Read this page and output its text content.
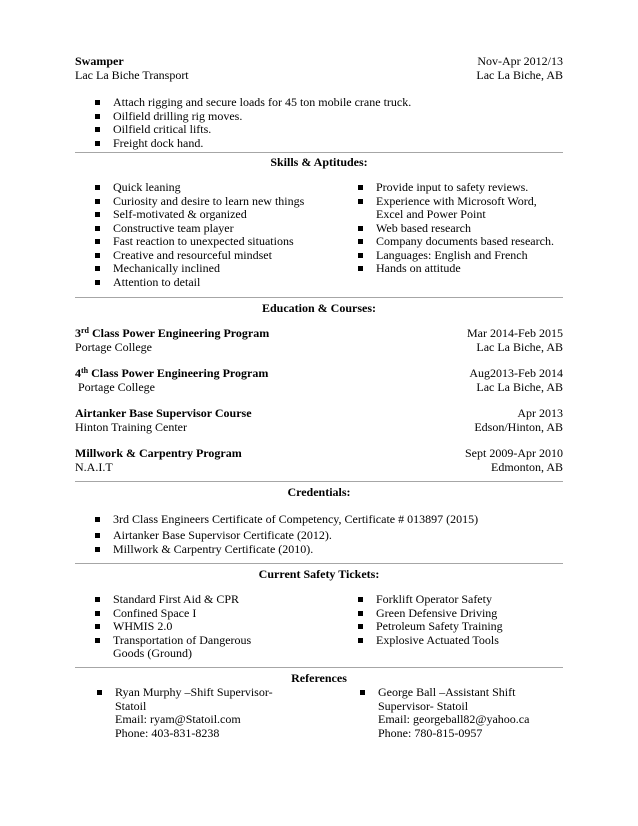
Swamper	Nov-Apr 2012/13
Lac La Biche Transport	Lac La Biche, AB
Attach rigging and secure loads for 45 ton mobile crane truck.
Oilfield drilling rig moves.
Oilfield critical lifts.
Freight dock hand.
Skills & Aptitudes:
Quick leaning
Curiosity and desire to learn new things
Self-motivated & organized
Constructive team player
Fast reaction to unexpected situations
Creative and resourceful mindset
Mechanically inclined
Attention to detail
Provide input to safety reviews.
Experience with Microsoft Word, Excel and Power Point
Web based research
Company documents based research.
Languages: English and French
Hands on attitude
Education & Courses:
3rd Class Power Engineering Program	Mar 2014-Feb 2015
Portage College	Lac La Biche, AB
4th Class Power Engineering Program	Aug2013-Feb 2014
Portage College	Lac La Biche, AB
Airtanker Base Supervisor Course	Apr 2013
Hinton Training Center	Edson/Hinton, AB
Millwork & Carpentry Program	Sept 2009-Apr 2010
N.A.I.T	Edmonton, AB
Credentials:
3rd Class Engineers Certificate of Competency, Certificate # 013897 (2015)
Airtanker Base Supervisor Certificate (2012).
Millwork & Carpentry Certificate (2010).
Current Safety Tickets:
Standard First Aid & CPR
Confined Space I
WHMIS 2.0
Transportation of Dangerous Goods (Ground)
Forklift Operator Safety
Green Defensive Driving
Petroleum Safety Training
Explosive Actuated Tools
References
Ryan Murphy –Shift Supervisor-
Statoil
Email: ryam@Statoil.com
Phone: 403-831-8238
George Ball –Assistant Shift
Supervisor- Statoil
Email: georgeball82@yahoo.ca
Phone: 780-815-0957
